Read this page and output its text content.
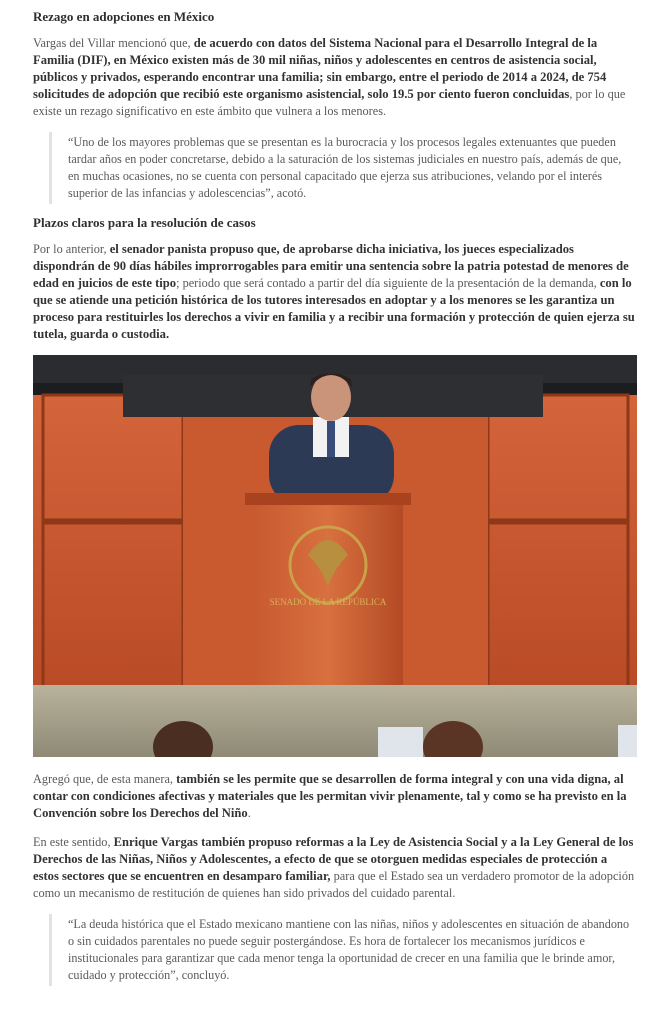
Rezago en adopciones en México

Vargas del Villar mencionó que, de acuerdo con datos del Sistema Nacional para el Desarrollo Integral de la Familia (DIF), en México existen más de 30 mil niñas, niños y adolescentes en centros de asistencia social, públicos y privados, esperando encontrar una familia; sin embargo, entre el periodo de 2014 a 2024, de 754 solicitudes de adopción que recibió este organismo asistencial, solo 19.5 por ciento fueron concluidas, por lo que existe un rezago significativo en este ámbito que vulnera a los menores.

“Uno de los mayores problemas que se presentan es la burocracia y los procesos legales extenuantes que pueden tardar años en poder concretarse, debido a la saturación de los sistemas judiciales en nuestro país, además de que, en muchas ocasiones, no se cuenta con personal capacitado que ejerza sus atribuciones, velando por el interés superior de las infancias y adolescencias”, acotó.
Plazos claros para la resolución de casos

Por lo anterior, el senador panista propuso que, de aprobarse dicha iniciativa, los jueces especializados dispondrán de 90 días hábiles improrrogables para emitir una sentencia sobre la patria potestad de menores de edad en juicios de este tipo; periodo que será contado a partir del día siguiente de la presentación de la demanda, con lo que se atiende una petición histórica de los tutores interesados en adoptar y a los menores se les garantiza un proceso para restituirles los derechos a vivir en familia y a recibir una formación y protección de quien ejerza su tutela, guarda o custodia.

SENADO DE LA REPÚBLICA

Agregó que, de esta manera, también se les permite que se desarrollen de forma integral y con una vida digna, al contar con condiciones afectivas y materiales que les permitan vivir plenamente, tal y como se ha previsto en la Convención sobre los Derechos del Niño.

En este sentido, Enrique Vargas también propuso reformas a la Ley de Asistencia Social y a la Ley General de los Derechos de las Niñas, Niños y Adolescentes, a efecto de que se otorguen medidas especiales de protección a estos sectores que se encuentren en desamparo familiar, para que el Estado sea un verdadero promotor de la adopción como un mecanismo de restitución de quienes han sido privados del cuidado parental.

“La deuda histórica que el Estado mexicano mantiene con las niñas, niños y adolescentes en situación de abandono o sin cuidados parentales no puede seguir postergándose. Es hora de fortalecer los mecanismos jurídicos e institucionales para garantizar que cada menor tenga la oportunidad de crecer en una familia que le brinde amor, cuidado y protección”, concluyó.
